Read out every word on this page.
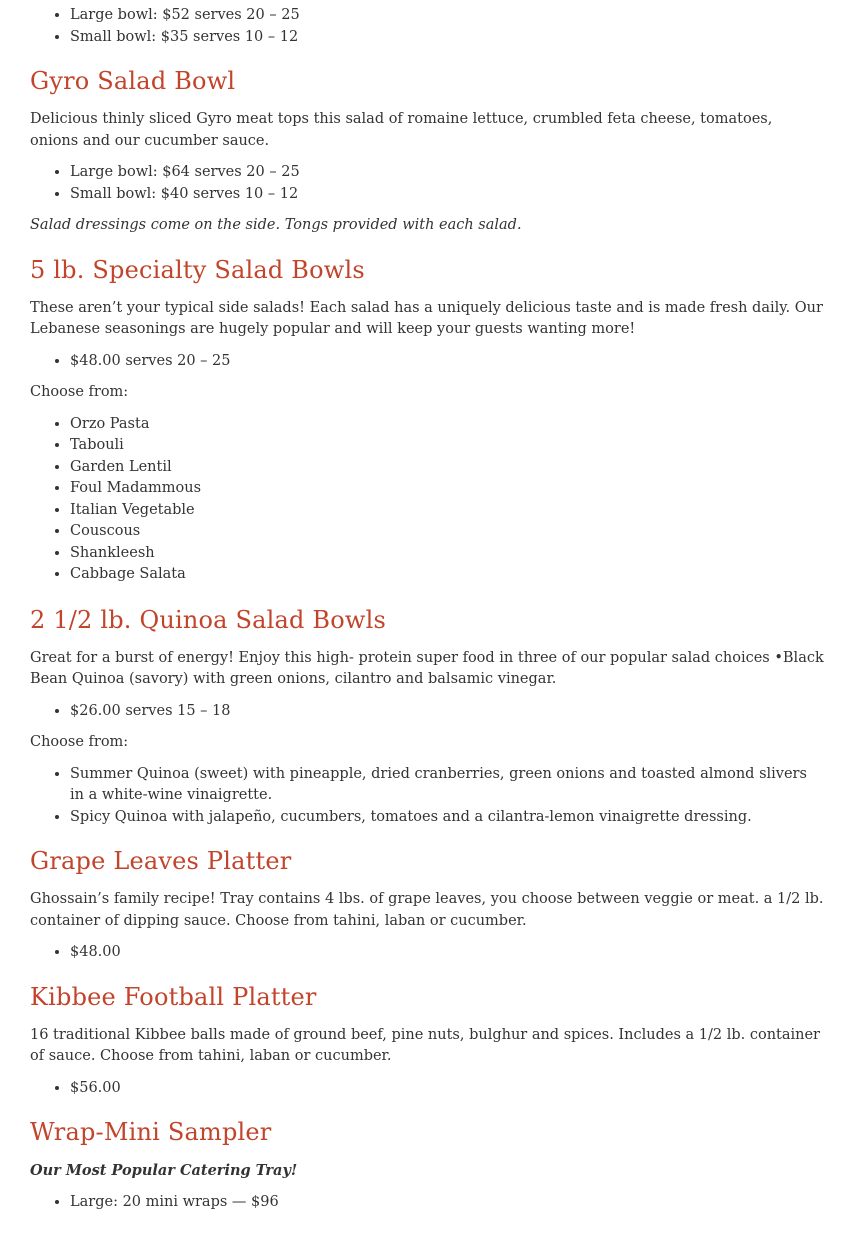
• Large bowl: $52 serves 20 – 25
• Small bowl: $35 serves 10 – 12
Gyro Salad Bowl

Delicious thinly sliced Gyro meat tops this salad of romaine lettuce, crumbled feta cheese, tomatoes, onions and our cucumber sauce.

• Large bowl: $64 serves 20 – 25
• Small bowl: $40 serves 10 – 12

Salad dressings come on the side. Tongs provided with each salad.

5 lb. Specialty Salad Bowls

These aren’t your typical side salads! Each salad has a uniquely delicious taste and is made fresh daily. Our Lebanese seasonings are hugely popular and will keep your guests wanting more!

• $48.00 serves 20 – 25

Choose from:

• Orzo Pasta
• Tabouli
• Garden Lentil
• Foul Madammous
• Italian Vegetable
• Couscous
• Shankleesh
• Cabbage Salata
2 1/2 lb. Quinoa Salad Bowls

Great for a burst of energy! Enjoy this high- protein super food in three of our popular salad choices •Black Bean Quinoa (savory) with green onions, cilantro and balsamic vinegar.

• $26.00 serves 15 – 18

Choose from:

• Summer Quinoa (sweet) with pineapple, dried cranberries, green onions and toasted almond slivers in a white-wine vinaigrette.
• Spicy Quinoa with jalapeño, cucumbers, tomatoes and a cilantra-lemon vinaigrette dressing.
Grape Leaves Platter

Ghossain’s family recipe! Tray contains 4 lbs. of grape leaves, you choose between veggie or meat. a 1/2 lb. container of dipping sauce. Choose from tahini, laban or cucumber.

• $48.00
Kibbee Football Platter

16 traditional Kibbee balls made of ground beef, pine nuts, bulghur and spices. Includes a 1/2 lb. container of sauce. Choose from tahini, laban or cucumber.

• $56.00
Wrap-Mini Sampler

Our Most Popular Catering Tray!

• Large: 20 mini wraps — $96
